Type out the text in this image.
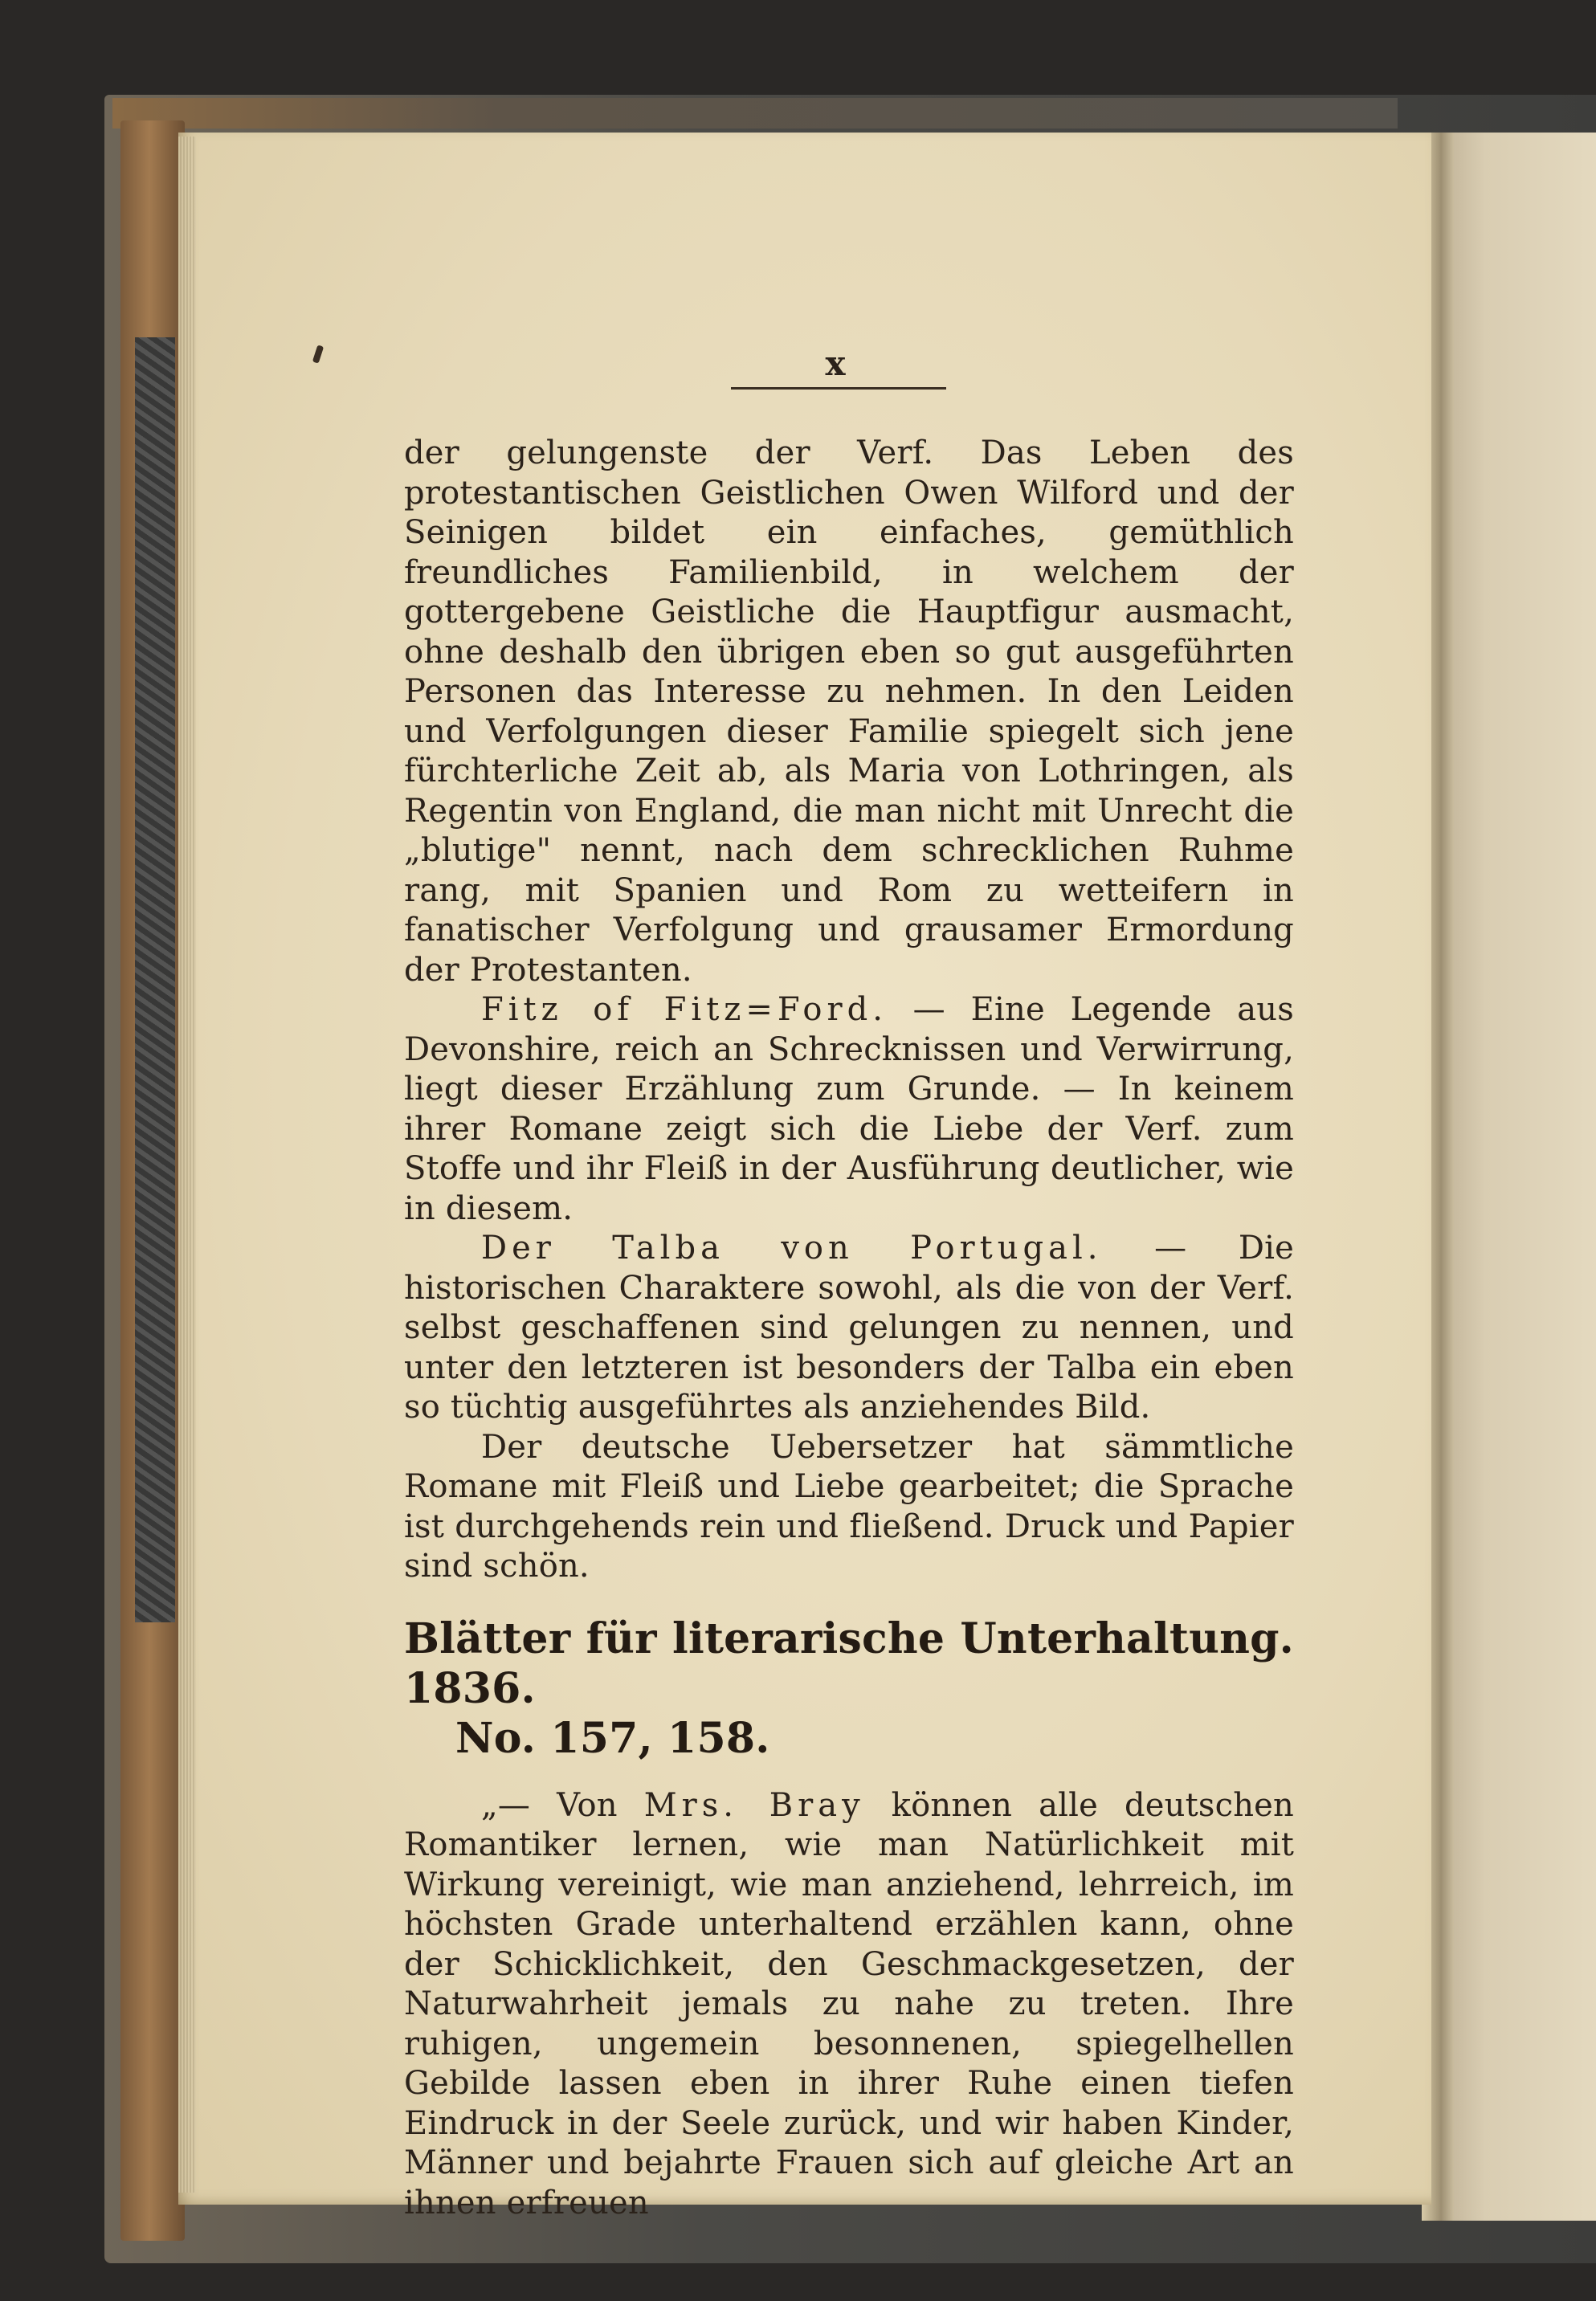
x

der gelungenste der Verf. Das Leben des protestantischen Geistlichen Owen Wilford und der Seinigen bildet ein einfaches, gemüthlich freundliches Familienbild, in welchem der gottergebene Geistliche die Hauptfigur ausmacht, ohne deshalb den übrigen eben so gut ausgeführten Personen das Interesse zu nehmen. In den Leiden und Verfolgungen dieser Familie spiegelt sich jene fürchterliche Zeit ab, als Maria von Lothringen, als Regentin von England, die man nicht mit Unrecht die „blutige" nennt, nach dem schrecklichen Ruhme rang, mit Spanien und Rom zu wetteifern in fanatischer Verfolgung und grausamer Ermordung der Protestanten.

Fitz of Fitz=Ford. — Eine Legende aus Devonshire, reich an Schrecknissen und Verwirrung, liegt dieser Erzählung zum Grunde. — In keinem ihrer Romane zeigt sich die Liebe der Verf. zum Stoffe und ihr Fleiß in der Ausführung deutlicher, wie in diesem.

Der Talba von Portugal. — Die historischen Charaktere sowohl, als die von der Verf. selbst geschaffenen sind gelungen zu nennen, und unter den letzteren ist besonders der Talba ein eben so tüchtig ausgeführtes als anziehendes Bild.

Der deutsche Uebersetzer hat sämmtliche Romane mit Fleiß und Liebe gearbeitet; die Sprache ist durchgehends rein und fließend. Druck und Papier sind schön.

Blätter für literarische Unterhaltung. 1836.
No. 157, 158.

„— Von Mrs. Bray können alle deutschen Romantiker lernen, wie man Natürlichkeit mit Wirkung vereinigt, wie man anziehend, lehrreich, im höchsten Grade unterhaltend erzählen kann, ohne der Schicklichkeit, den Geschmackgesetzen, der Naturwahrheit jemals zu nahe zu treten. Ihre ruhigen, ungemein besonnenen, spiegelhellen Gebilde lassen eben in ihrer Ruhe einen tiefen Eindruck in der Seele zurück, und wir haben Kinder, Männer und bejahrte Frauen sich auf gleiche Art an ihnen erfreuen
